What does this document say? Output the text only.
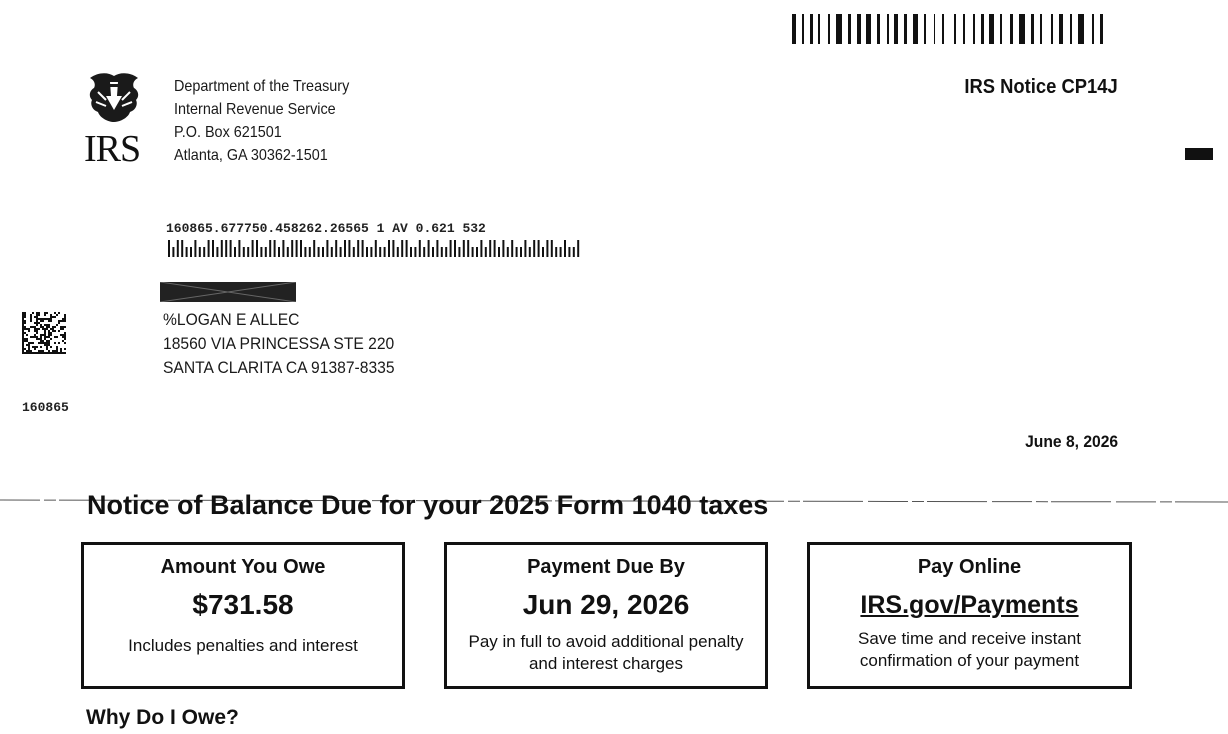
IRS
Department of the Treasury
Internal Revenue Service
P.O. Box 621501
Atlanta, GA 30362-1501
IRS Notice CP14J
160865.677750.458262.26565 1 AV 0.621 532
%LOGAN E ALLEC
18560 VIA PRINCESSA STE 220
SANTA CLARITA CA 91387-8335
160865
June 8, 2026
Notice of Balance Due for your 2025 Form 1040 taxes
Amount You Owe
$731.58
Includes penalties and interest
Payment Due By
Jun 29, 2026
Pay in full to avoid additional penalty and interest charges
Pay Online
IRS.gov/Payments
Save time and receive instant confirmation of your payment
Why Do I Owe?
